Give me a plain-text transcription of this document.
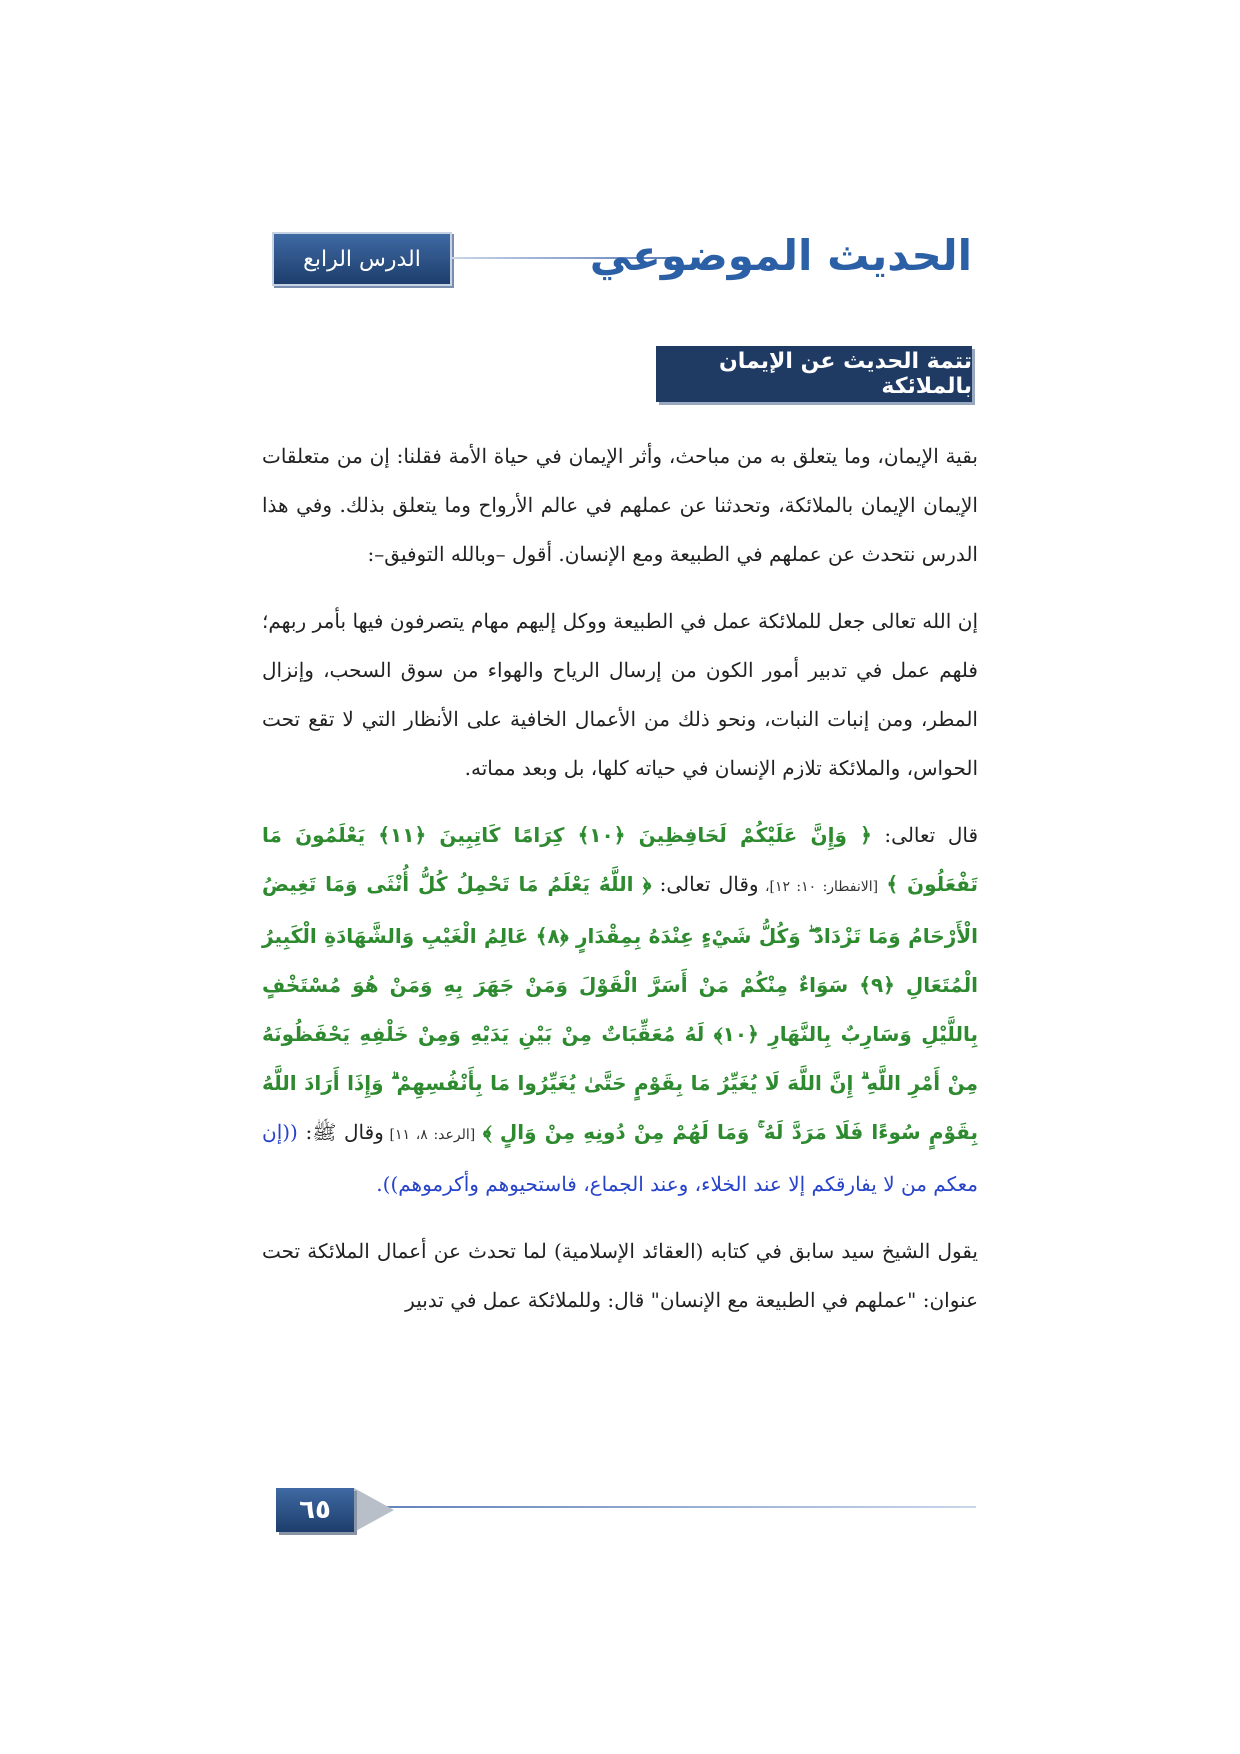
الدرس الرابع	الحديث الموضوعي
تتمة الحديث عن الإيمان بالملائكة

بقية الإيمان، وما يتعلق به من مباحث، وأثر الإيمان في حياة الأمة فقلنا: إن من متعلقات الإيمان الإيمان بالملائكة، وتحدثنا عن عملهم في عالم الأرواح وما يتعلق بذلك. وفي هذا الدرس نتحدث عن عملهم في الطبيعة ومع الإنسان. أقول –وبالله التوفيق–:

إن الله تعالى جعل للملائكة عمل في الطبيعة ووكل إليهم مهام يتصرفون فيها بأمر ربهم؛ فلهم عمل في تدبير أمور الكون من إرسال الرياح والهواء من سوق السحب، وإنزال المطر، ومن إنبات النبات، ونحو ذلك من الأعمال الخافية على الأنظار التي لا تقع تحت الحواس، والملائكة تلازم الإنسان في حياته كلها، بل وبعد مماته.

قال تعالى: ﴿ وَإِنَّ عَلَيْكُمْ لَحَافِظِينَ ﴿١٠﴾ كِرَامًا كَاتِبِينَ ﴿١١﴾ يَعْلَمُونَ مَا تَفْعَلُونَ ﴾ [الانفطار: ١٠: ١٢]، وقال تعالى: ﴿ اللَّهُ يَعْلَمُ مَا تَحْمِلُ كُلُّ أُنْثَى وَمَا تَغِيضُ الْأَرْحَامُ وَمَا تَزْدَادُ ۖ وَكُلُّ شَيْءٍ عِنْدَهُ بِمِقْدَارٍ ﴿٨﴾ عَالِمُ الْغَيْبِ وَالشَّهَادَةِ الْكَبِيرُ الْمُتَعَالِ ﴿٩﴾ سَوَاءٌ مِنْكُمْ مَنْ أَسَرَّ الْقَوْلَ وَمَنْ جَهَرَ بِهِ وَمَنْ هُوَ مُسْتَخْفٍ بِاللَّيْلِ وَسَارِبٌ بِالنَّهَارِ ﴿١٠﴾ لَهُ مُعَقِّبَاتٌ مِنْ بَيْنِ يَدَيْهِ وَمِنْ خَلْفِهِ يَحْفَظُونَهُ مِنْ أَمْرِ اللَّهِ ۗ إِنَّ اللَّهَ لَا يُغَيِّرُ مَا بِقَوْمٍ حَتَّىٰ يُغَيِّرُوا مَا بِأَنْفُسِهِمْ ۗ وَإِذَا أَرَادَ اللَّهُ بِقَوْمٍ سُوءًا فَلَا مَرَدَّ لَهُ ۚ وَمَا لَهُمْ مِنْ دُونِهِ مِنْ وَالٍ ﴾ [الرعد: ٨، ١١] وقال ﷺ: ((إن معكم من لا يفارقكم إلا عند الخلاء، وعند الجماع، فاستحيوهم وأكرموهم)).

يقول الشيخ سيد سابق في كتابه (العقائد الإسلامية) لما تحدث عن أعمال الملائكة تحت عنوان: "عملهم في الطبيعة مع الإنسان" قال: وللملائكة عمل في تدبير

٦٥
